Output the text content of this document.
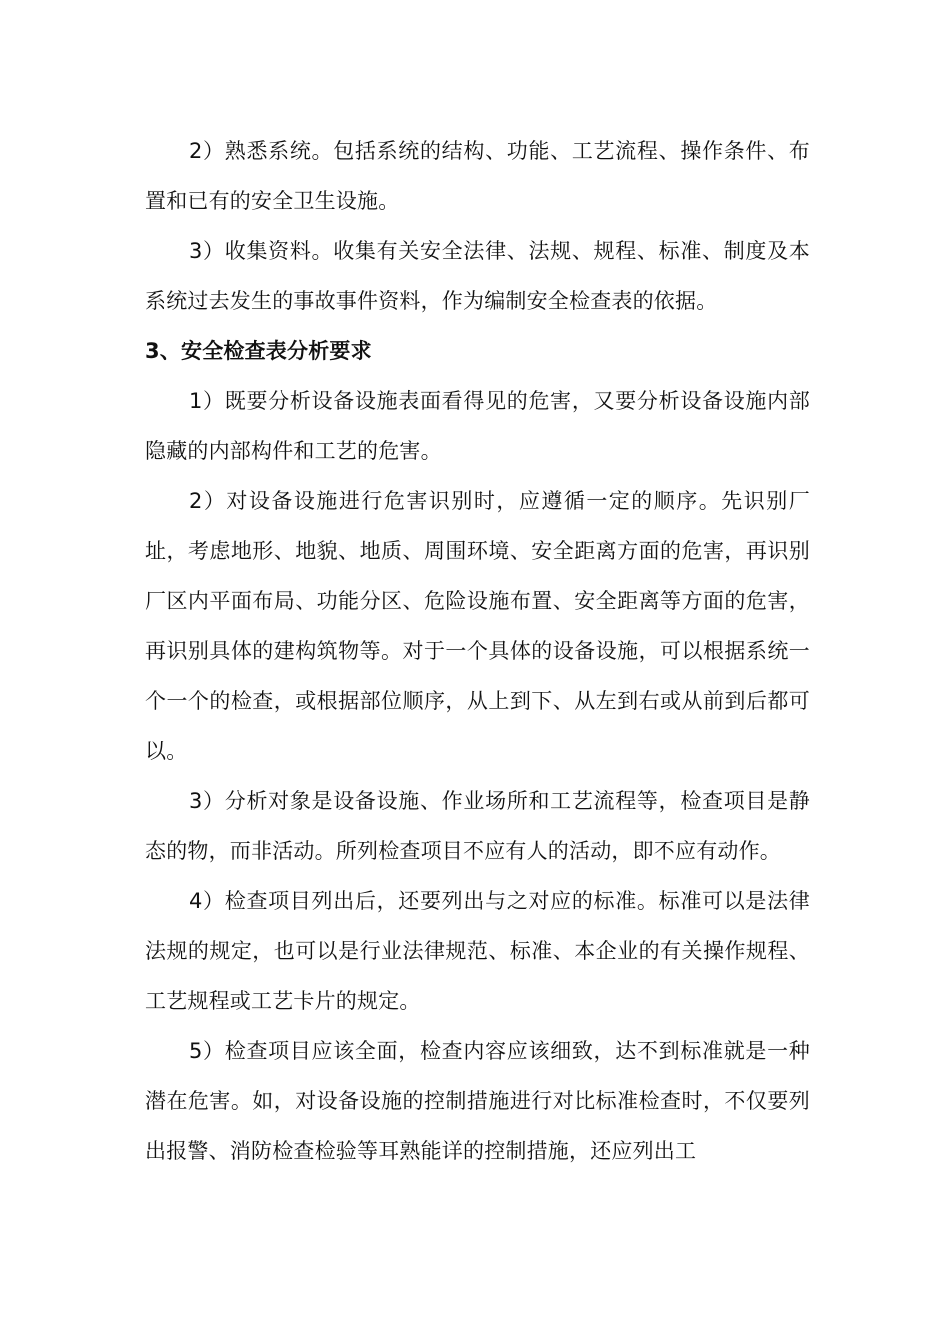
2）熟悉系统。包括系统的结构、功能、工艺流程、操作条件、布置和已有的安全卫生设施。

3）收集资料。收集有关安全法律、法规、规程、标准、制度及本系统过去发生的事故事件资料，作为编制安全检查表的依据。

3、安全检查表分析要求

1）既要分析设备设施表面看得见的危害，又要分析设备设施内部隐藏的内部构件和工艺的危害。

2）对设备设施进行危害识别时，应遵循一定的顺序。先识别厂址，考虑地形、地貌、地质、周围环境、安全距离方面的危害，再识别厂区内平面布局、功能分区、危险设施布置、安全距离等方面的危害，再识别具体的建构筑物等。对于一个具体的设备设施，可以根据系统一个一个的检查，或根据部位顺序，从上到下、从左到右或从前到后都可以。

3）分析对象是设备设施、作业场所和工艺流程等，检查项目是静态的物，而非活动。所列检查项目不应有人的活动，即不应有动作。

4）检查项目列出后，还要列出与之对应的标准。标准可以是法律法规的规定，也可以是行业法律规范、标准、本企业的有关操作规程、工艺规程或工艺卡片的规定。

5）检查项目应该全面，检查内容应该细致，达不到标准就是一种潜在危害。如，对设备设施的控制措施进行对比标准检查时，不仅要列出报警、消防检查检验等耳熟能详的控制措施，还应列出工
